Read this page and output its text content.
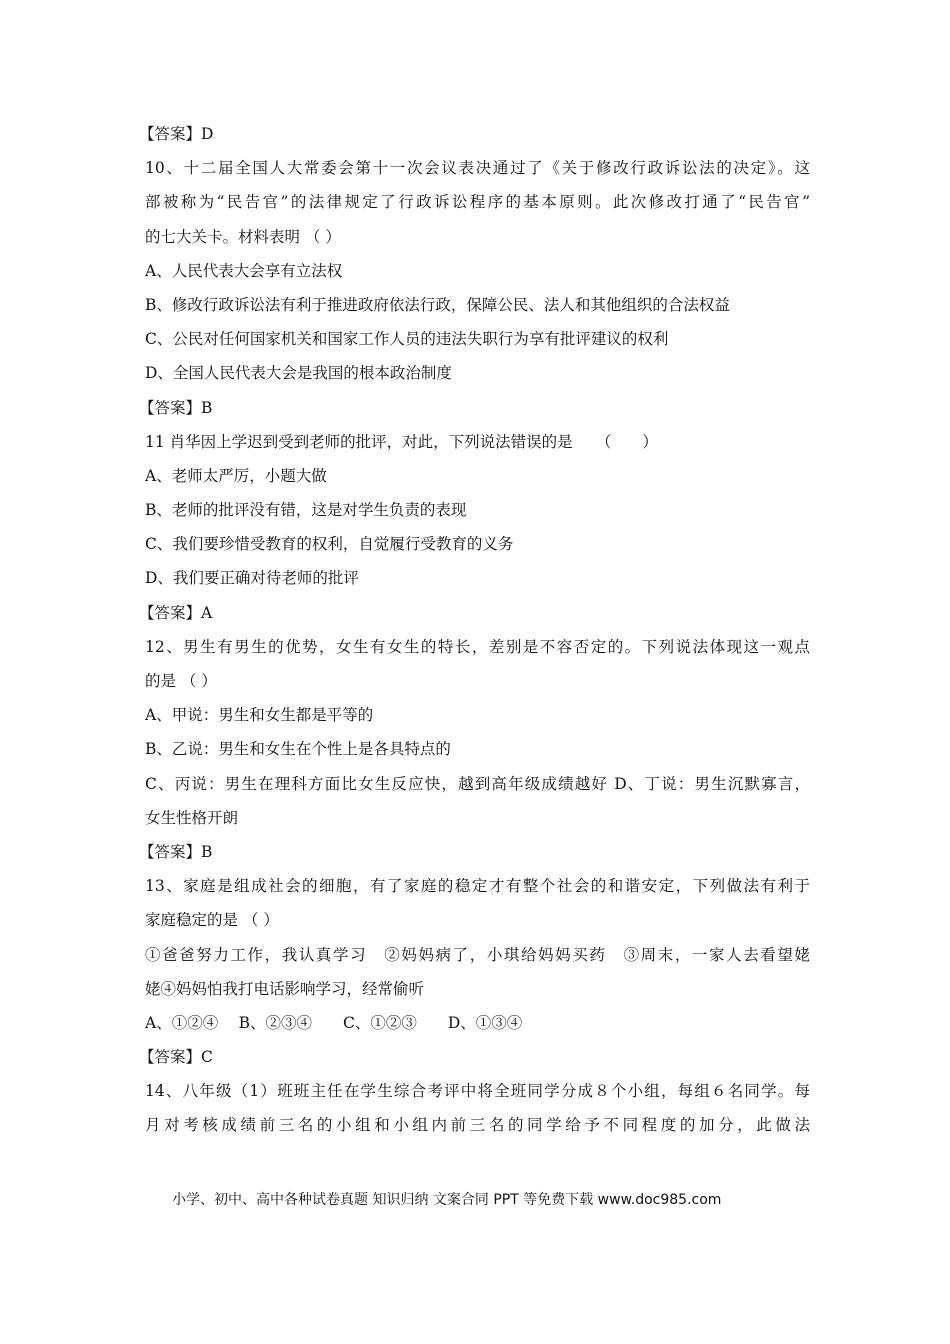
【答案】D
10、十二届全国人大常委会第十一次会议表决通过了《关于修改行政诉讼法的决定》。这
部被称为“民告官”的法律规定了行政诉讼程序的基本原则。此次修改打通了“民告官”
的七大关卡。材料表明 （ ）
A、人民代表大会享有立法权
B、修改行政诉讼法有利于推进政府依法行政，保障公民、法人和其他组织的合法权益
C、公民对任何国家机关和国家工作人员的违法失职行为享有批评建议的权利
D、全国人民代表大会是我国的根本政治制度
【答案】B
11 肖华因上学迟到受到老师的批评，对此，下列说法错误的是　　（　　）
A、老师太严厉，小题大做
B、老师的批评没有错，这是对学生负责的表现
C、我们要珍惜受教育的权利，自觉履行受教育的义务
D、我们要正确对待老师的批评
【答案】A
12、男生有男生的优势，女生有女生的特长，差别是不容否定的。下列说法体现这一观点
的是 （ ）
A、甲说：男生和女生都是平等的
B、乙说：男生和女生在个性上是各具特点的
C、丙说：男生在理科方面比女生反应快，越到高年级成绩越好 D、丁说：男生沉默寡言，
女生性格开朗
【答案】B
13、家庭是组成社会的细胞，有了家庭的稳定才有整个社会的和谐安定，下列做法有利于
家庭稳定的是 （ ）
①爸爸努力工作，我认真学习　②妈妈病了，小琪给妈妈买药　③周末，一家人去看望姥
姥④妈妈怕我打电话影响学习，经常偷听
A、①②④　 B、②③④　　C、①②③　　D、①③④
【答案】C
14、八年级（1）班班主任在学生综合考评中将全班同学分成８个小组，每组６名同学。每
月对考核成绩前三名的小组和小组内前三名的同学给予不同程度的加分，此做法
小学、初中、高中各种试卷真题 知识归纳 文案合同 PPT 等免费下载 www.doc985.com
